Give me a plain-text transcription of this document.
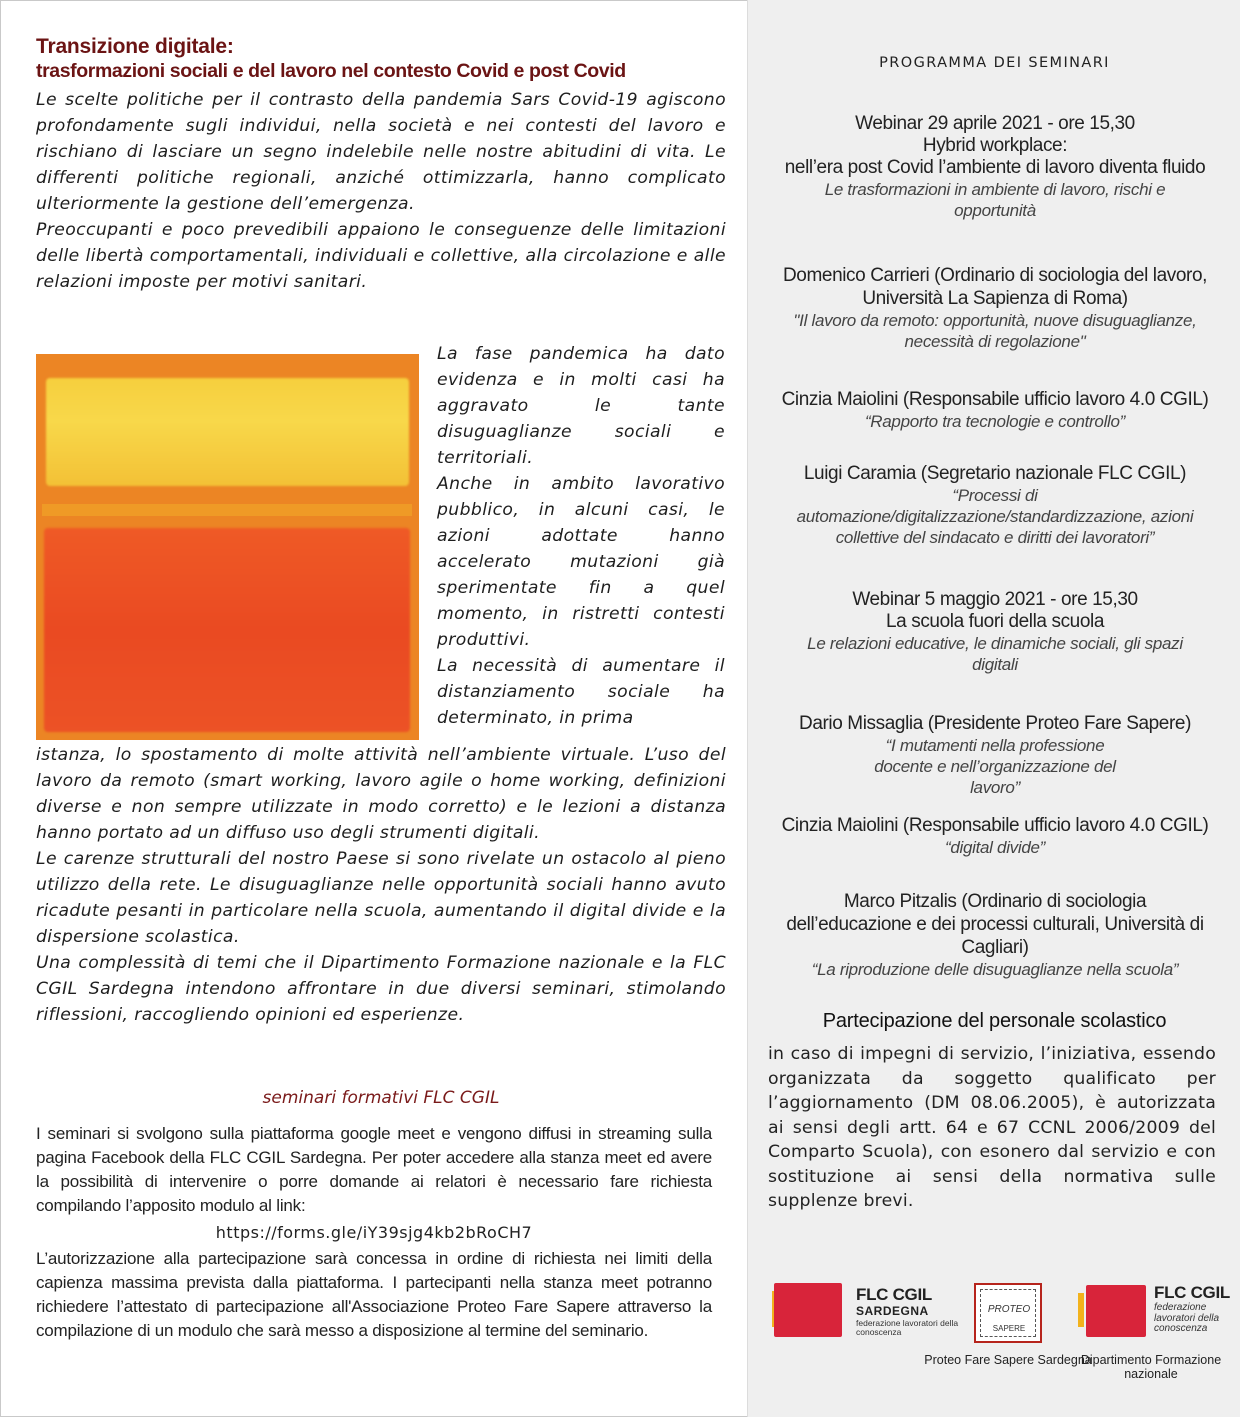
Transizione digitale:
trasformazioni sociali e del lavoro nel contesto Covid e post Covid

Le scelte politiche per il contrasto della pandemia Sars Covid-19 agiscono profondamente sugli individui, nella società e nei contesti del lavoro e rischiano di lasciare un segno indelebile nelle nostre abitudini di vita. Le differenti politiche regionali, anziché ottimizzarla, hanno complicato ulteriormente la gestione dell’emergenza.

Preoccupanti e poco prevedibili appaiono le conseguenze delle limitazioni delle libertà comportamentali, individuali e collettive, alla circolazione e alle relazioni imposte per motivi sanitari.

La fase pandemica ha dato evidenza e in molti casi ha aggravato le tante disuguaglianze sociali e territoriali.

Anche in ambito lavorativo pubblico, in alcuni casi, le azioni adottate hanno accelerato mutazioni già sperimentate fin a quel momento, in ristretti contesti produttivi.

La necessità di aumentare il distanziamento sociale ha determinato, in prima

istanza, lo spostamento di molte attività nell’ambiente virtuale. L’uso del lavoro da remoto (smart working, lavoro agile o home working, definizioni diverse e non sempre utilizzate in modo corretto) e le lezioni a distanza hanno portato ad un diffuso uso degli strumenti digitali.

Le carenze strutturali del nostro Paese si sono rivelate un ostacolo al pieno utilizzo della rete. Le disuguaglianze nelle opportunità sociali hanno avuto ricadute pesanti in particolare nella scuola, aumentando il digital divide e la dispersione scolastica.

Una complessità di temi che il Dipartimento Formazione nazionale e la FLC CGIL Sardegna intendono affrontare in due diversi seminari, stimolando riflessioni, raccogliendo opinioni ed esperienze.

seminari formativi FLC CGIL

I seminari si svolgono sulla piattaforma google meet e vengono diffusi in streaming sulla pagina Facebook della FLC CGIL Sardegna. Per poter accedere alla stanza meet ed avere la possibilità di intervenire o porre domande ai relatori è necessario fare richiesta compilando l’apposito modulo al link:

https://forms.gle/iY39sjg4kb2bRoCH7

L’autorizzazione alla partecipazione sarà concessa in ordine di richiesta nei limiti della capienza massima prevista dalla piattaforma. I partecipanti nella stanza meet potranno richiedere l’attestato di partecipazione all'Associazione Proteo Fare Sapere attraverso la compilazione di un modulo che sarà messo a disposizione al termine del seminario.

PROGRAMMA DEI SEMINARI
Webinar 29 aprile 2021 - ore 15,30
Hybrid workplace:
nell’era post Covid l’ambiente di lavoro diventa fluido
Le trasformazioni in ambiente di lavoro, rischi e opportunità
Domenico Carrieri (Ordinario di sociologia del lavoro, Università La Sapienza di Roma)
"Il lavoro da remoto: opportunità, nuove disuguaglianze, necessità di regolazione"
Cinzia Maiolini (Responsabile ufficio lavoro 4.0 CGIL)
“Rapporto tra tecnologie e controllo”
Luigi Caramia (Segretario nazionale FLC CGIL)
“Processi di automazione/digitalizzazione/standardizzazione, azioni collettive del sindacato e diritti dei lavoratori”
Webinar 5 maggio 2021 - ore 15,30
La scuola fuori della scuola
Le relazioni educative, le dinamiche sociali, gli spazi digitali
Dario Missaglia (Presidente Proteo Fare Sapere)
“I mutamenti nella professione docente e nell’organizzazione del lavoro”
Cinzia Maiolini (Responsabile ufficio lavoro 4.0 CGIL)
“digital divide”
Marco Pitzalis (Ordinario di sociologia dell’educazione e dei processi culturali, Università di Cagliari)
“La riproduzione delle disuguaglianze nella scuola”
Partecipazione del personale scolastico
in caso di impegni di servizio, l’iniziativa, essendo organizzata da soggetto qualificato per l’aggiornamento (DM 08.06.2005), è autorizzata ai sensi degli artt. 64 e 67 CCNL 2006/2009 del Comparto Scuola), con esonero dal servizio e con sostituzione ai sensi della normativa sulle supplenze brevi.
FLC CGIL
SARDEGNA
federazione lavoratori della conoscenza
PROTEO
SAPERE
Proteo Fare Sapere Sardegna
FLC CGIL
federazione lavoratori della conoscenza
Dipartimento Formazione nazionale
